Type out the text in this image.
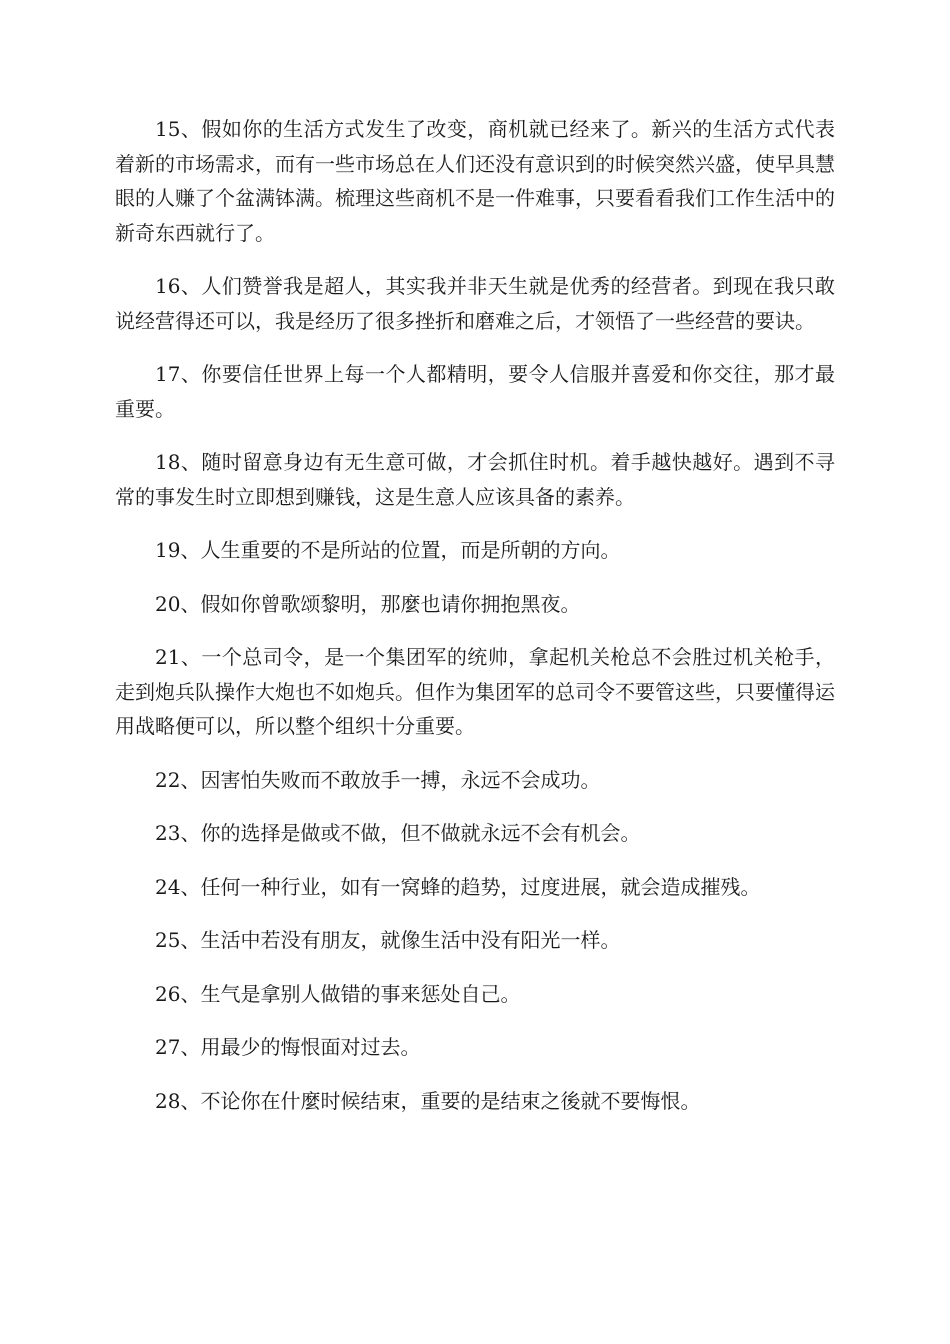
15、假如你的生活方式发生了改变，商机就已经来了。新兴的生活方式代表着新的市场需求，而有一些市场总在人们还没有意识到的时候突然兴盛，使早具慧眼的人赚了个盆满钵满。梳理这些商机不是一件难事，只要看看我们工作生活中的新奇东西就行了。

16、人们赞誉我是超人，其实我并非天生就是优秀的经营者。到现在我只敢说经营得还可以，我是经历了很多挫折和磨难之后，才领悟了一些经营的要诀。

17、你要信任世界上每一个人都精明，要令人信服并喜爱和你交往，那才最重要。

18、随时留意身边有无生意可做，才会抓住时机。着手越快越好。遇到不寻常的事发生时立即想到赚钱，这是生意人应该具备的素养。

19、人生重要的不是所站的位置，而是所朝的方向。

20、假如你曾歌颂黎明，那麼也请你拥抱黑夜。

21、一个总司令，是一个集团军的统帅，拿起机关枪总不会胜过机关枪手，走到炮兵队操作大炮也不如炮兵。但作为集团军的总司令不要管这些，只要懂得运用战略便可以，所以整个组织十分重要。

22、因害怕失败而不敢放手一搏，永远不会成功。

23、你的选择是做或不做，但不做就永远不会有机会。

24、任何一种行业，如有一窝蜂的趋势，过度进展，就会造成摧残。

25、生活中若没有朋友，就像生活中没有阳光一样。

26、生气是拿别人做错的事来惩处自己。

27、用最少的悔恨面对过去。

28、不论你在什麼时候结束，重要的是结束之後就不要悔恨。
